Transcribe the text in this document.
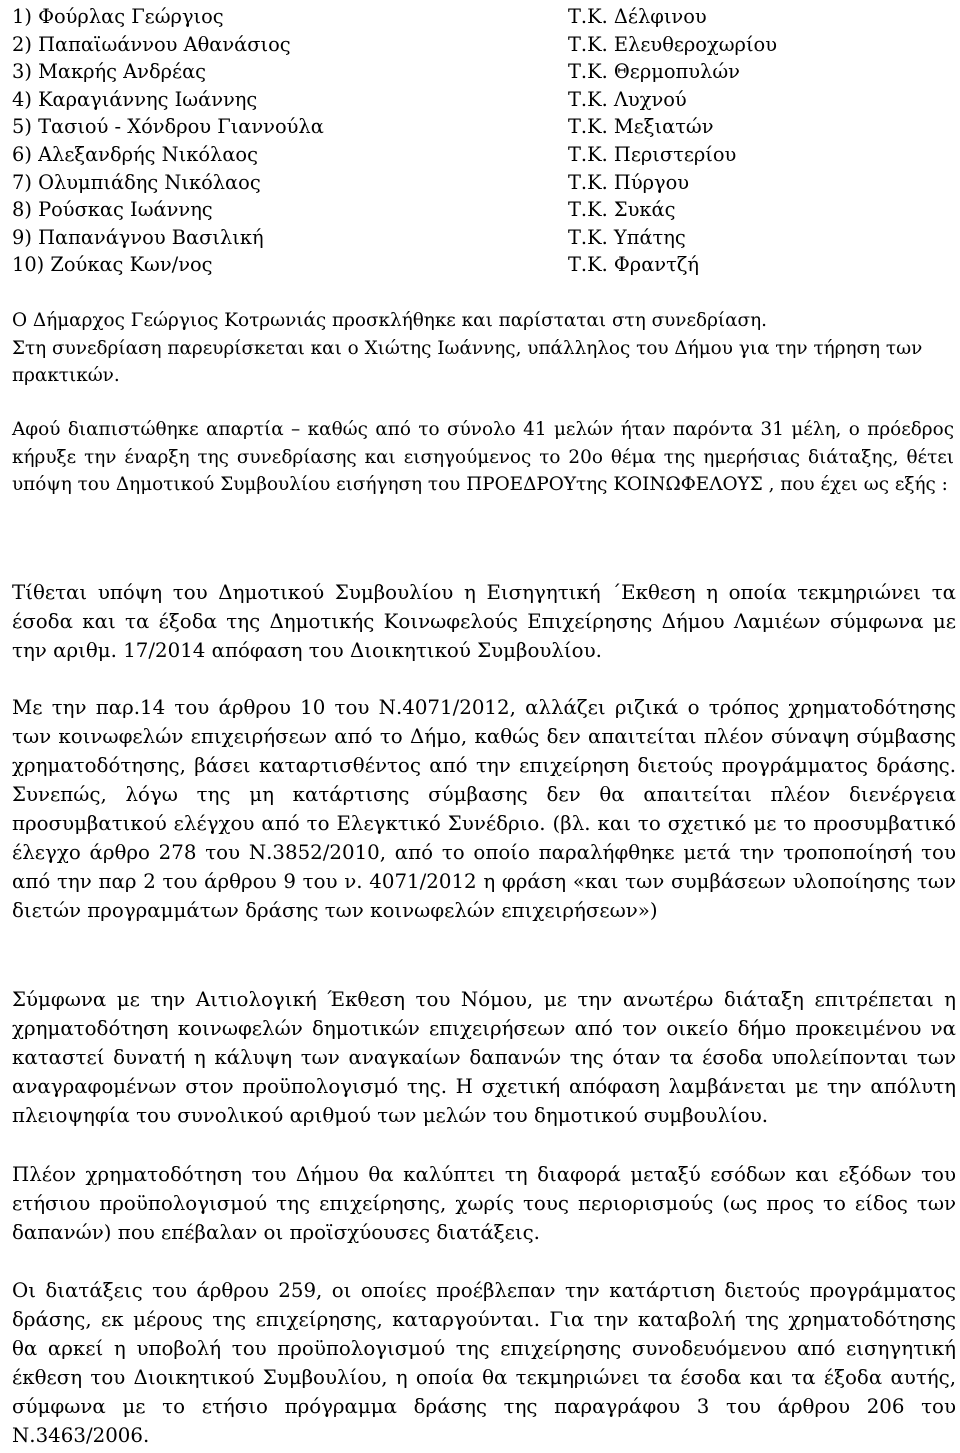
1) Φούρλας Γεώργιος	Τ.Κ. Δέλφινου
2) Παπαϊωάννου Αθανάσιος	Τ.Κ. Ελευθεροχωρίου
3) Μακρής Ανδρέας	Τ.Κ. Θερμοπυλών
4) Καραγιάννης Ιωάννης	Τ.Κ. Λυχνού
5) Τασιού - Χόνδρου Γιαννούλα	Τ.Κ. Μεξιατών
6) Αλεξανδρής Νικόλαος	Τ.Κ. Περιστερίου
7) Ολυμπιάδης Νικόλαος	Τ.Κ. Πύργου
8) Ρούσκας Ιωάννης	Τ.Κ. Συκάς
9) Παπανάγνου Βασιλική	Τ.Κ. Υπάτης
10) Ζούκας Κων/νος	Τ.Κ. Φραντζή

Ο Δήμαρχος Γεώργιος Κοτρωνιάς προσκλήθηκε και παρίσταται στη συνεδρίαση.

Στη συνεδρίαση παρευρίσκεται και ο Χιώτης Ιωάννης, υπάλληλος του Δήμου για την τήρηση των πρακτικών.

Αφού διαπιστώθηκε απαρτία – καθώς από το σύνολο 41 μελών ήταν παρόντα 31 μέλη, ο πρόεδρος κήρυξε την έναρξη της συνεδρίασης και εισηγούμενος το 20ο θέμα της ημερήσιας διάταξης, θέτει υπόψη του Δημοτικού Συμβουλίου εισήγηση του ΠΡΟΕΔΡΟΥτης ΚΟΙΝΩΦΕΛΟΥΣ , που έχει ως εξής :

Τίθεται υπόψη του Δημοτικού Συμβουλίου η Εισηγητική ΄Εκθεση η οποία τεκμηριώνει τα έσοδα και τα έξοδα της Δημοτικής Κοινωφελούς Επιχείρησης Δήμου Λαμιέων σύμφωνα με την αριθμ. 17/2014 απόφαση του Διοικητικού Συμβουλίου.

Με την παρ.14 του άρθρου 10 του Ν.4071/2012, αλλάζει ριζικά ο τρόπος χρηματοδότησης των κοινωφελών επιχειρήσεων από το Δήμο, καθώς δεν απαιτείται πλέον σύναψη σύμβασης χρηματοδότησης, βάσει καταρτισθέντος από την επιχείρηση διετούς προγράμματος δράσης. Συνεπώς, λόγω της μη κατάρτισης σύμβασης δεν θα απαιτείται πλέον διενέργεια προσυμβατικού ελέγχου από το Ελεγκτικό Συνέδριο. (βλ. και το σχετικό με το προσυμβατικό έλεγχο άρθρο 278 του Ν.3852/2010, από το οποίο παραλήφθηκε μετά την τροποποίησή του από την παρ 2 του άρθρου 9 του ν. 4071/2012 η φράση «και των συμβάσεων υλοποίησης των διετών προγραμμάτων δράσης των κοινωφελών επιχειρήσεων»)

Σύμφωνα με την Αιτιολογική Έκθεση του Νόμου, με την ανωτέρω διάταξη επιτρέπεται η χρηματοδότηση κοινωφελών δημοτικών επιχειρήσεων από τον οικείο δήμο προκειμένου να καταστεί δυνατή η κάλυψη των αναγκαίων δαπανών της όταν τα έσοδα υπολείπονται των αναγραφομένων στον προϋπολογισμό της. Η σχετική απόφαση λαμβάνεται με την απόλυτη πλειοψηφία του συνολικού αριθμού των μελών του δημοτικού συμβουλίου.

Πλέον χρηματοδότηση του Δήμου θα καλύπτει τη διαφορά μεταξύ εσόδων και εξόδων του ετήσιου προϋπολογισμού της επιχείρησης, χωρίς τους περιορισμούς (ως προς το είδος των δαπανών) που επέβαλαν οι προϊσχύουσες διατάξεις.

Οι διατάξεις του άρθρου 259, οι οποίες προέβλεπαν την κατάρτιση διετούς προγράμματος δράσης, εκ μέρους της επιχείρησης, καταργούνται. Για την καταβολή της χρηματοδότησης θα αρκεί η υποβολή του προϋπολογισμού της επιχείρησης συνοδευόμενου από εισηγητική έκθεση του Διοικητικού Συμβουλίου, η οποία θα τεκμηριώνει τα έσοδα και τα έξοδα αυτής, σύμφωνα με το ετήσιο πρόγραμμα δράσης της παραγράφου 3 του άρθρου 206 του Ν.3463/2006.
